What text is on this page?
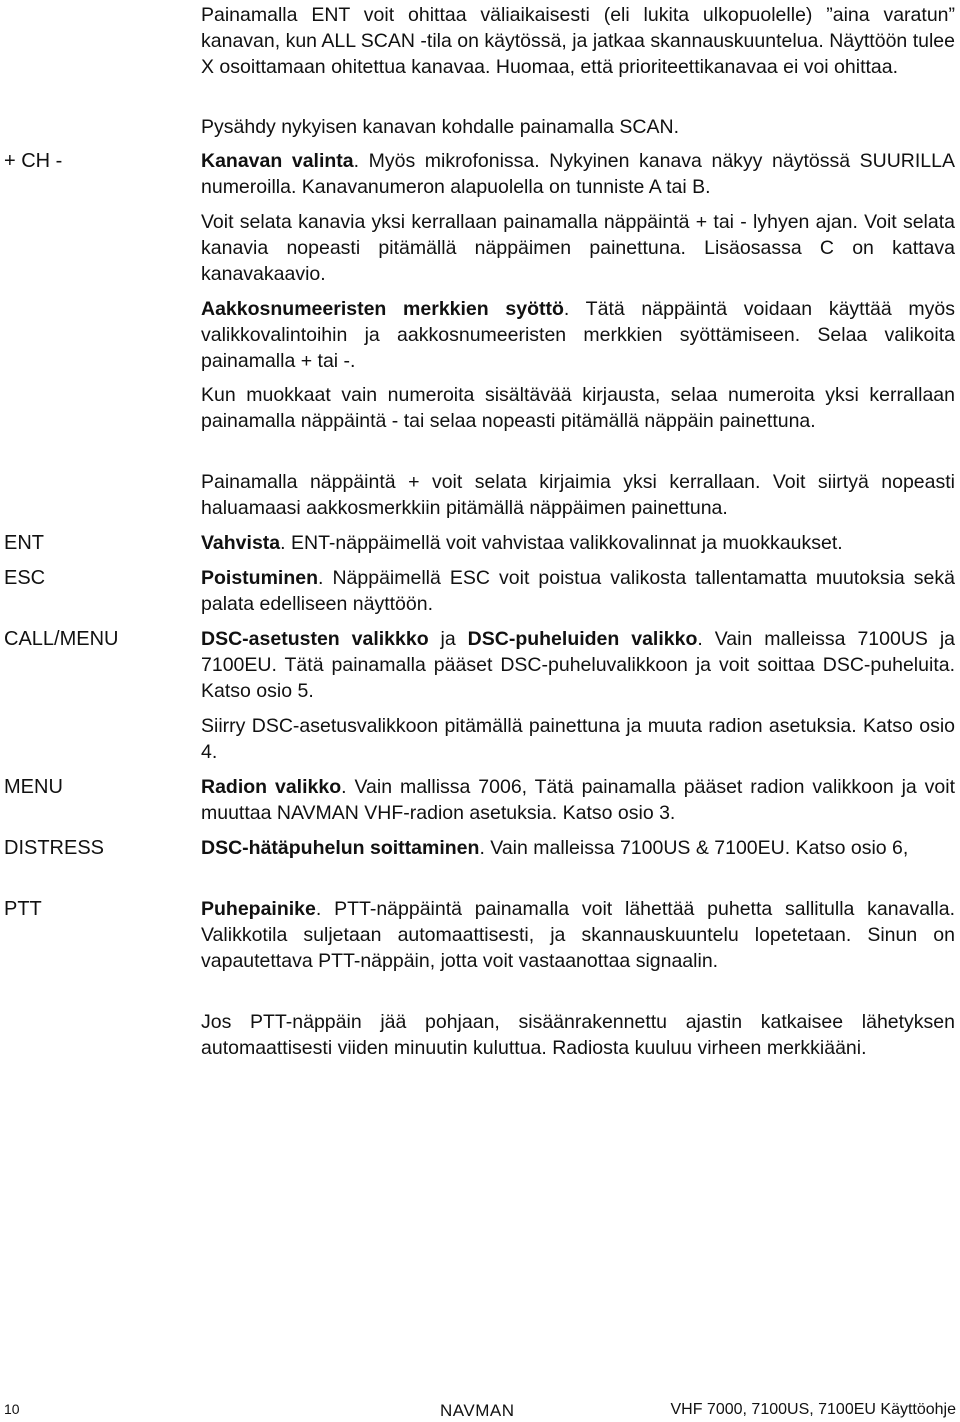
+ CH -
ENT
ESC
CALL/MENU
MENU
DISTRESS
PTT

Painamalla ENT voit ohittaa väliaikaisesti (eli lukita ulkopuolelle) ”aina varatun” kanavan, kun ALL SCAN -tila on käytössä, ja jatkaa skannauskuuntelua. Näyttöön tulee X osoittamaan ohitettua kanavaa. Huomaa, että prioriteettikanavaa ei voi ohittaa.

Pysähdy nykyisen kanavan kohdalle painamalla SCAN.

Kanavan valinta. Myös mikrofonissa. Nykyinen kanava näkyy näytössä SUURILLA numeroilla. Kanavanumeron alapuolella on tunniste A tai B.

Voit selata kanavia yksi kerrallaan painamalla näppäintä + tai - lyhyen ajan. Voit selata kanavia nopeasti pitämällä näppäimen painettuna. Lisäosassa C on kattava kanavakaavio.

Aakkosnumeeristen merkkien syöttö. Tätä näppäintä voidaan käyttää myös valikkovalintoihin ja aakkosnumeeristen merkkien syöttämiseen. Selaa valikoita painamalla + tai -.

Kun muokkaat vain numeroita sisältävää kirjausta, selaa numeroita yksi kerrallaan painamalla näppäintä - tai selaa nopeasti pitämällä näppäin painettuna.

Painamalla näppäintä + voit selata kirjaimia yksi kerrallaan. Voit siirtyä nopeasti haluamaasi aakkosmerkkiin pitämällä näppäimen painettuna.

Vahvista. ENT-näppäimellä voit vahvistaa valikkovalinnat ja muokkaukset.

Poistuminen. Näppäimellä ESC voit poistua valikosta tallentamatta muutoksia sekä palata edelliseen näyttöön.

DSC-asetusten valikkko ja DSC-puheluiden valikko. Vain malleissa 7100US ja 7100EU. Tätä painamalla pääset DSC-puheluvalikkoon ja voit soittaa DSC-puheluita. Katso osio 5.

Siirry DSC-asetusvalikkoon pitämällä painettuna ja muuta radion asetuksia. Katso osio 4.

Radion valikko. Vain mallissa 7006, Tätä painamalla pääset radion valikkoon ja voit muuttaa NAVMAN VHF-radion asetuksia. Katso osio 3.

DSC-hätäpuhelun soittaminen. Vain malleissa 7100US & 7100EU. Katso osio 6,

Puhepainike. PTT-näppäintä painamalla voit lähettää puhetta sallitulla kanavalla. Valikkotila suljetaan automaattisesti, ja skannauskuuntelu lopetetaan. Sinun on vapautettava PTT-näppäin, jotta voit vastaanottaa signaalin.

Jos PTT-näppäin jää pohjaan, sisäänrakennettu ajastin katkaisee lähetyksen automaattisesti viiden minuutin kuluttua. Radiosta kuuluu virheen merkkiääni.

10	NAVMAN	VHF 7000, 7100US, 7100EU Käyttöohje
